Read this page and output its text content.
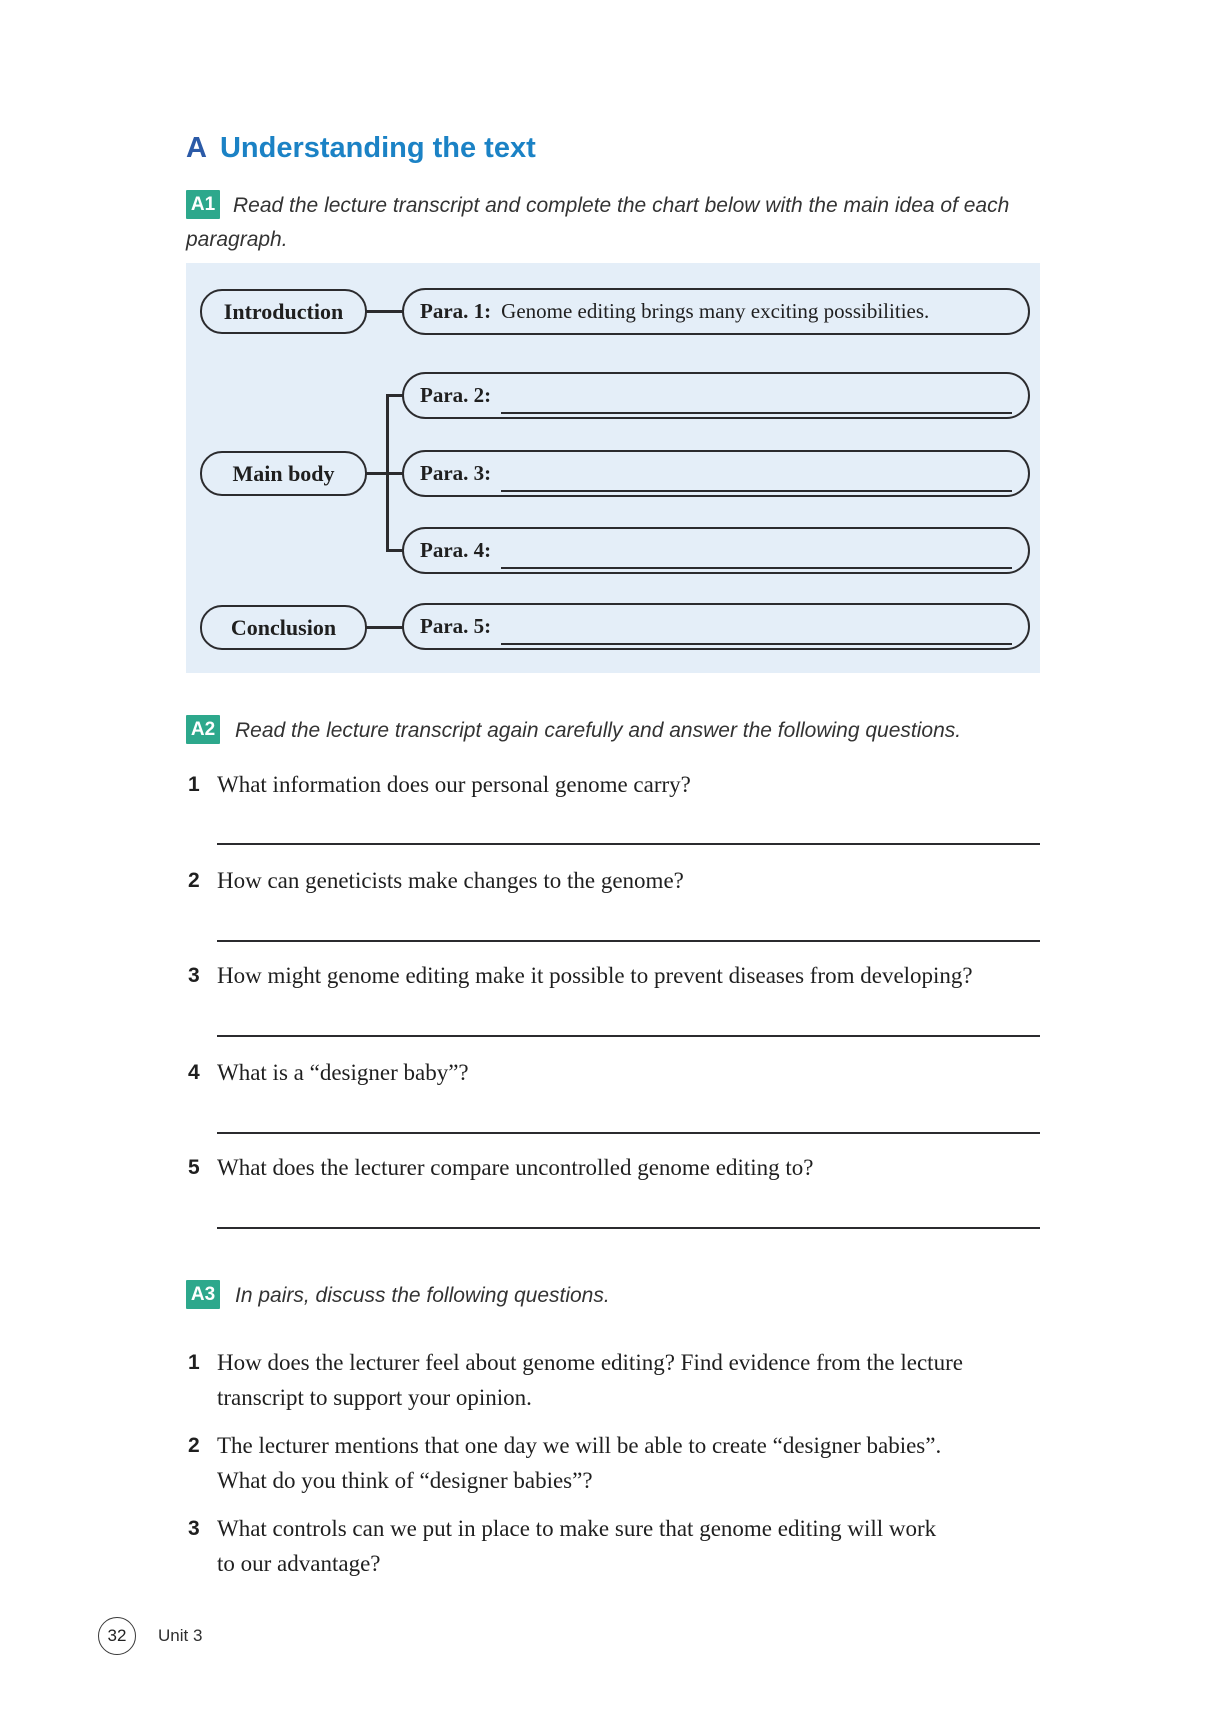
A Understanding the text
A1 Read the lecture transcript and complete the chart below with the main idea of each
paragraph.
Introduction
Main body
Conclusion
Para. 1: Genome editing brings many exciting possibilities.
Para. 2:
Para. 3:
Para. 4:
Para. 5:
A2 Read the lecture transcript again carefully and answer the following questions.
1 What information does our personal genome carry?
2 How can geneticists make changes to the genome?
3 How might genome editing make it possible to prevent diseases from developing?
4 What is a “designer baby”?
5 What does the lecturer compare uncontrolled genome editing to?
A3 In pairs, discuss the following questions.
1 How does the lecturer feel about genome editing? Find evidence from the lecture
transcript to support your opinion.
2 The lecturer mentions that one day we will be able to create “designer babies”.
What do you think of “designer babies”?
3 What controls can we put in place to make sure that genome editing will work
to our advantage?
32 Unit 3
